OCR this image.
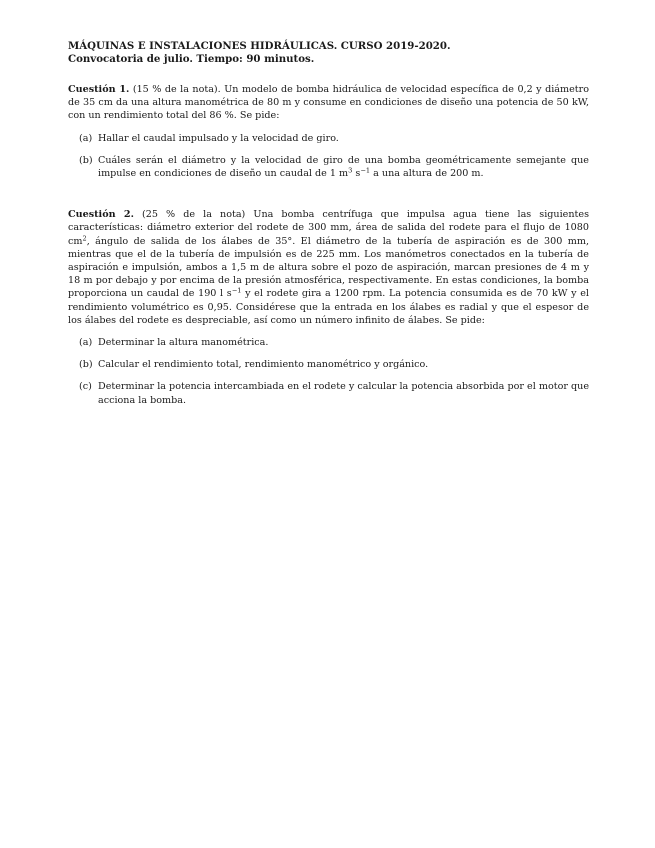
MÁQUINAS E INSTALACIONES HIDRÁULICAS. CURSO 2019-2020.

Convocatoria de julio. Tiempo: 90 minutos.

Cuestión 1. (15 % de la nota). Un modelo de bomba hidráulica de velocidad específica de 0,2 y diámetro de 35 cm da una altura manométrica de 80 m y consume en condiciones de diseño una potencia de 50 kW, con un rendimiento total del 86 %. Se pide:

(a) Hallar el caudal impulsado y la velocidad de giro.
(b) Cuáles serán el diámetro y la velocidad de giro de una bomba geométricamente semejante que impulse en condiciones de diseño un caudal de 1 $m^3$ $s^{-1}$ a una altura de 200 m.

Cuestión 2. (25 % de la nota) Una bomba centrífuga que impulsa agua tiene las siguientes características: diámetro exterior del rodete de 300 mm, área de salida del rodete para el flujo de 1080 $cm^2$, ángulo de salida de los álabes de 35°. El diámetro de la tubería de aspiración es de 300 mm, mientras que el de la tubería de impulsión es de 225 mm. Los manómetros conectados en la tubería de aspiración e impulsión, ambos a 1,5 m de altura sobre el pozo de aspiración, marcan presiones de 4 m y 18 m por debajo y por encima de la presión atmosférica, respectivamente. En estas condiciones, la bomba proporciona un caudal de 190 l $s^{-1}$ y el rodete gira a 1200 rpm. La potencia consumida es de 70 kW y el rendimiento volumétrico es 0,95. Considérese que la entrada en los álabes es radial y que el espesor de los álabes del rodete es despreciable, así como un número infinito de álabes. Se pide:

(a) Determinar la altura manométrica.
(b) Calcular el rendimiento total, rendimiento manométrico y orgánico.
(c) Determinar la potencia intercambiada en el rodete y calcular la potencia absorbida por el motor que acciona la bomba.
